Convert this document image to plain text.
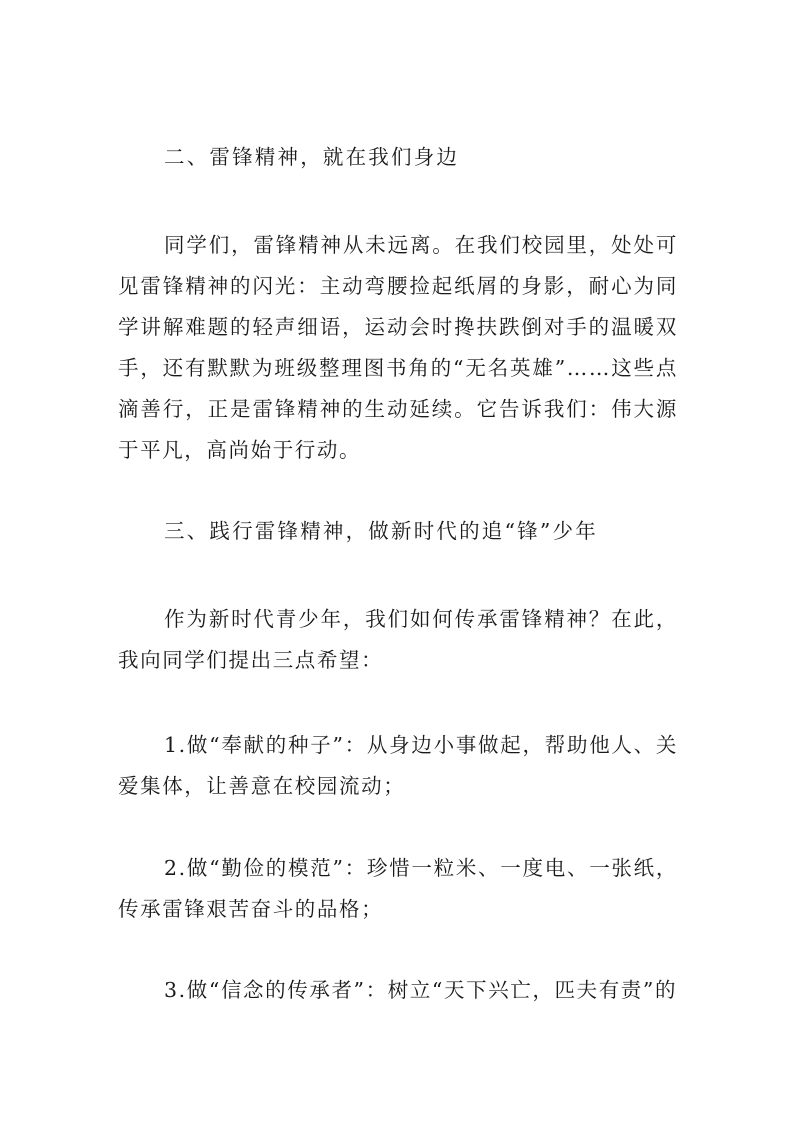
二、雷锋精神，就在我们身边

同学们，雷锋精神从未远离。在我们校园里，处处可见雷锋精神的闪光：主动弯腰捡起纸屑的身影，耐心为同学讲解难题的轻声细语，运动会时搀扶跌倒对手的温暖双手，还有默默为班级整理图书角的“无名英雄”……这些点滴善行，正是雷锋精神的生动延续。它告诉我们：伟大源于平凡，高尚始于行动。

三、践行雷锋精神，做新时代的追“锋”少年

作为新时代青少年，我们如何传承雷锋精神？在此，我向同学们提出三点希望：

1.做“奉献的种子”：从身边小事做起，帮助他人、关爱集体，让善意在校园流动；

2.做“勤俭的模范”：珍惜一粒米、一度电、一张纸，传承雷锋艰苦奋斗的品格；

3.做“信念的传承者”：树立“天下兴亡，匹夫有责”的
